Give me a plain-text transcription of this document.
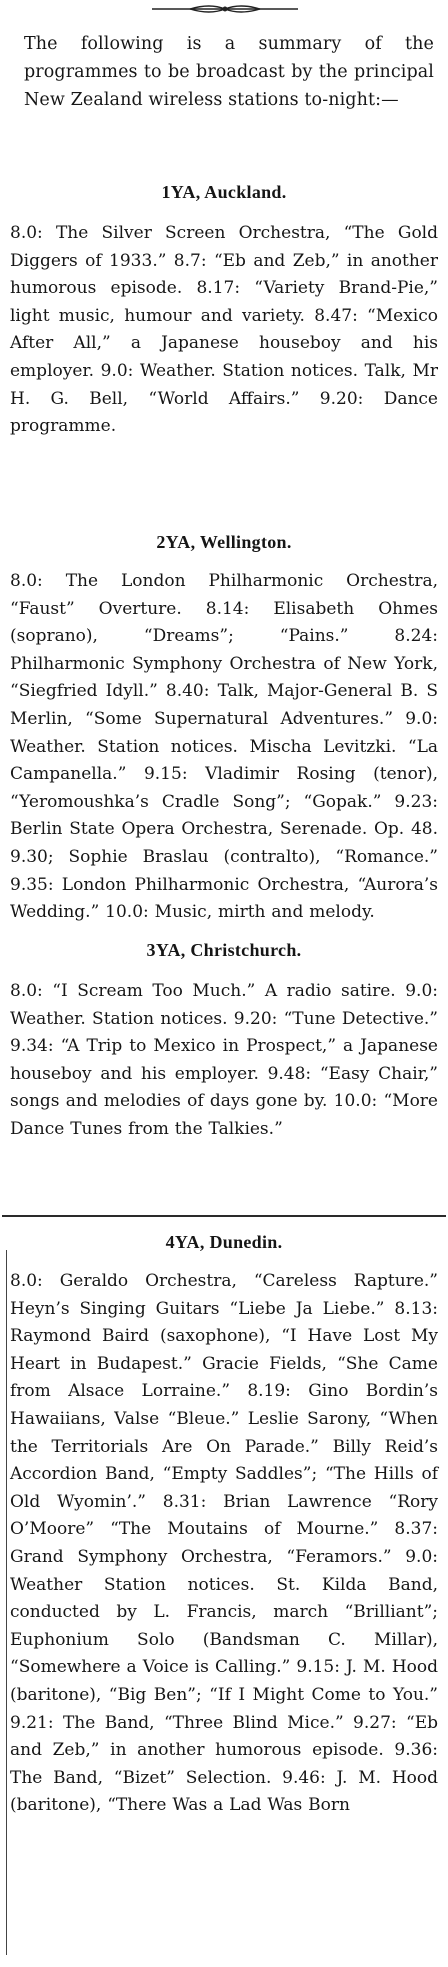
The following is a summary of the programmes to be broadcast by the principal New Zealand wireless stations to-night:—
1YA, Auckland.
8.0: The Silver Screen Orchestra, “The Gold Diggers of 1933.” 8.7: “Eb and Zeb,” in another humorous episode. 8.17: “Variety Brand-Pie,” light music, humour and variety. 8.47: “Mexico After All,” a Japanese houseboy and his employer. 9.0: Weather. Station notices. Talk, Mr H. G. Bell, “World Affairs.” 9.20: Dance programme.
2YA, Wellington.
8.0: The London Philharmonic Orchestra, “Faust” Overture. 8.14: Elisabeth Ohmes (soprano), “Dreams”; “Pains.” 8.24: Philharmonic Symphony Orchestra of New York, “Siegfried Idyll.” 8.40: Talk, Major-General B. S Merlin, “Some Supernatural Adventures.” 9.0: Weather. Station notices. Mischa Levitzki. “La Campanella.” 9.15: Vladimir Rosing (tenor), “Yeromoushka’s Cradle Song”; “Gopak.” 9.23: Berlin State Opera Orchestra, Serenade. Op. 48. 9.30; Sophie Braslau (contralto), “Romance.” 9.35: London Philharmonic Orchestra, “Aurora’s Wedding.” 10.0: Music, mirth and melody.
3YA, Christchurch.
8.0: “I Scream Too Much.” A radio satire. 9.0: Weather. Station notices. 9.20: “Tune Detective.” 9.34: “A Trip to Mexico in Prospect,” a Japanese houseboy and his employer. 9.48: “Easy Chair,” songs and melodies of days gone by. 10.0: “More Dance Tunes from the Talkies.”
4YA, Dunedin.
8.0: Geraldo Orchestra, “Careless Rapture.” Heyn’s Singing Guitars “Liebe Ja Liebe.” 8.13: Raymond Baird (saxophone), “I Have Lost My Heart in Budapest.” Gracie Fields, “She Came from Alsace Lorraine.” 8.19: Gino Bordin’s Hawaiians, Valse “Bleue.” Leslie Sarony, “When the Territorials Are On Parade.” Billy Reid’s Accordion Band, “Empty Saddles”; “The Hills of Old Wyomin’.” 8.31: Brian Lawrence “Rory O’Moore” “The Moutains of Mourne.” 8.37: Grand Symphony Orchestra, “Feramors.” 9.0: Weather Station notices. St. Kilda Band, conducted by L. Francis, march “Brilliant”; Euphonium Solo (Bandsman C. Millar), “Somewhere a Voice is Calling.” 9.15: J. M. Hood (baritone), “Big Ben”; “If I Might Come to You.” 9.21: The Band, “Three Blind Mice.” 9.27: “Eb and Zeb,” in another humorous episode. 9.36: The Band, “Bizet” Selection. 9.46: J. M. Hood (baritone), “There Was a Lad Was Born
